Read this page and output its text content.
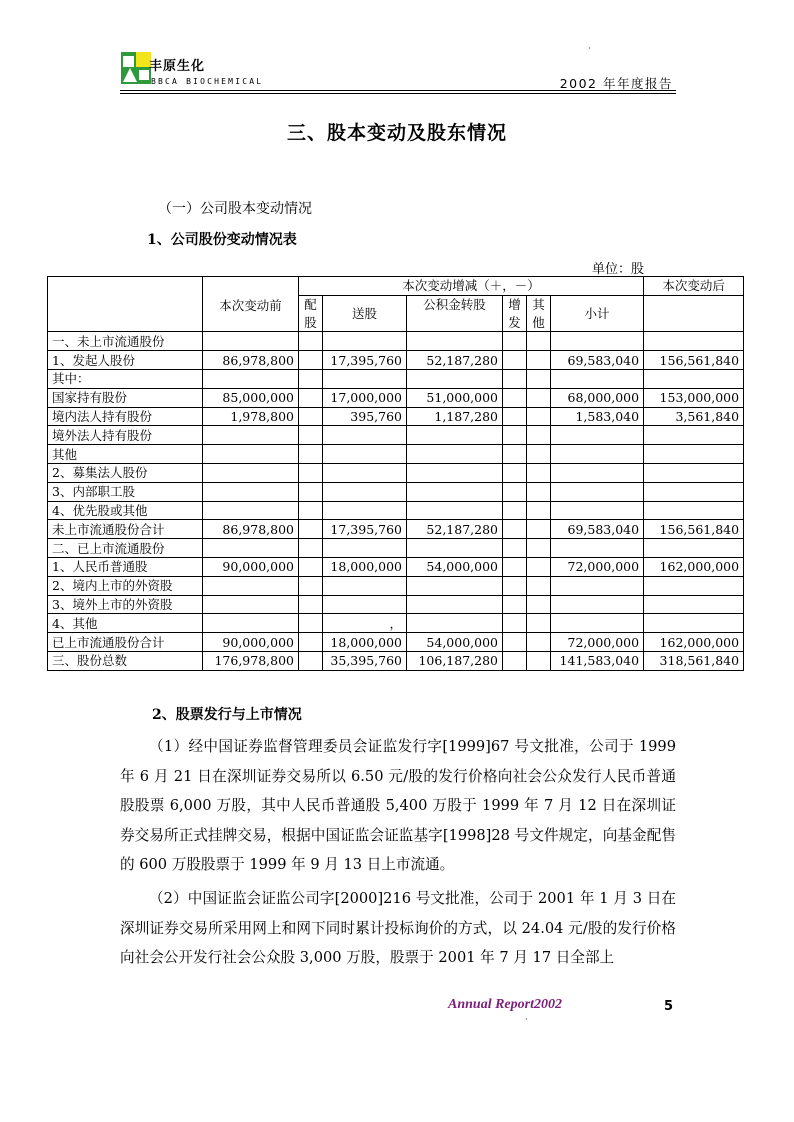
丰原生化
BBCA BIOCHEMICAL	2002 年年度报告
·
三、股本变动及股东情况
（一）公司股本变动情况
1、公司股份变动情况表
单位：股
	本次变动前	本次变动增减（＋，－）						本次变动后
		配	送股	公积金转股	增	其	小计	
		股			发	他		
一、未上市流通股份								
1、发起人股份	86,978,800		17,395,760	52,187,280			69,583,040	156,561,840
其中：								
国家持有股份	85,000,000		17,000,000	51,000,000			68,000,000	153,000,000
境内法人持有股份	1,978,800		395,760	1,187,280			1,583,040	3,561,840
境外法人持有股份								
其他								
2、募集法人股份								
3、内部职工股								
4、优先股或其他								
未上市流通股份合计	86,978,800		17,395,760	52,187,280			69,583,040	156,561,840
二、已上市流通股份								
1、人民币普通股	90,000,000		18,000,000	54,000,000			72,000,000	162,000,000
2、境内上市的外资股								
3、境外上市的外资股								
4、其他			，					
已上市流通股份合计	90,000,000		18,000,000	54,000,000			72,000,000	162,000,000
三、股份总数	176,978,800		35,395,760	106,187,280			141,583,040	318,561,840
2、股票发行与上市情况

（1）经中国证券监督管理委员会证监发行字[1999]67 号文批准，公司于 1999 年 6 月 21 日在深圳证券交易所以 6.50 元/股的发行价格向社会公众发行人民币普通股股票 6,000 万股，其中人民币普通股 5,400 万股于 1999 年 7 月 12 日在深圳证券交易所正式挂牌交易，根据中国证监会证监基字[1998]28 号文件规定，向基金配售的 600 万股股票于 1999 年 9 月 13 日上市流通。

（2）中国证监会证监公司字[2000]216 号文批准，公司于 2001 年 1 月 3 日在深圳证券交易所采用网上和网下同时累计投标询价的方式，以 24.04 元/股的发行价格向社会公开发行社会公众股 3,000 万股，股票于 2001 年 7 月 17 日全部上

Annual Report2002	5
·
